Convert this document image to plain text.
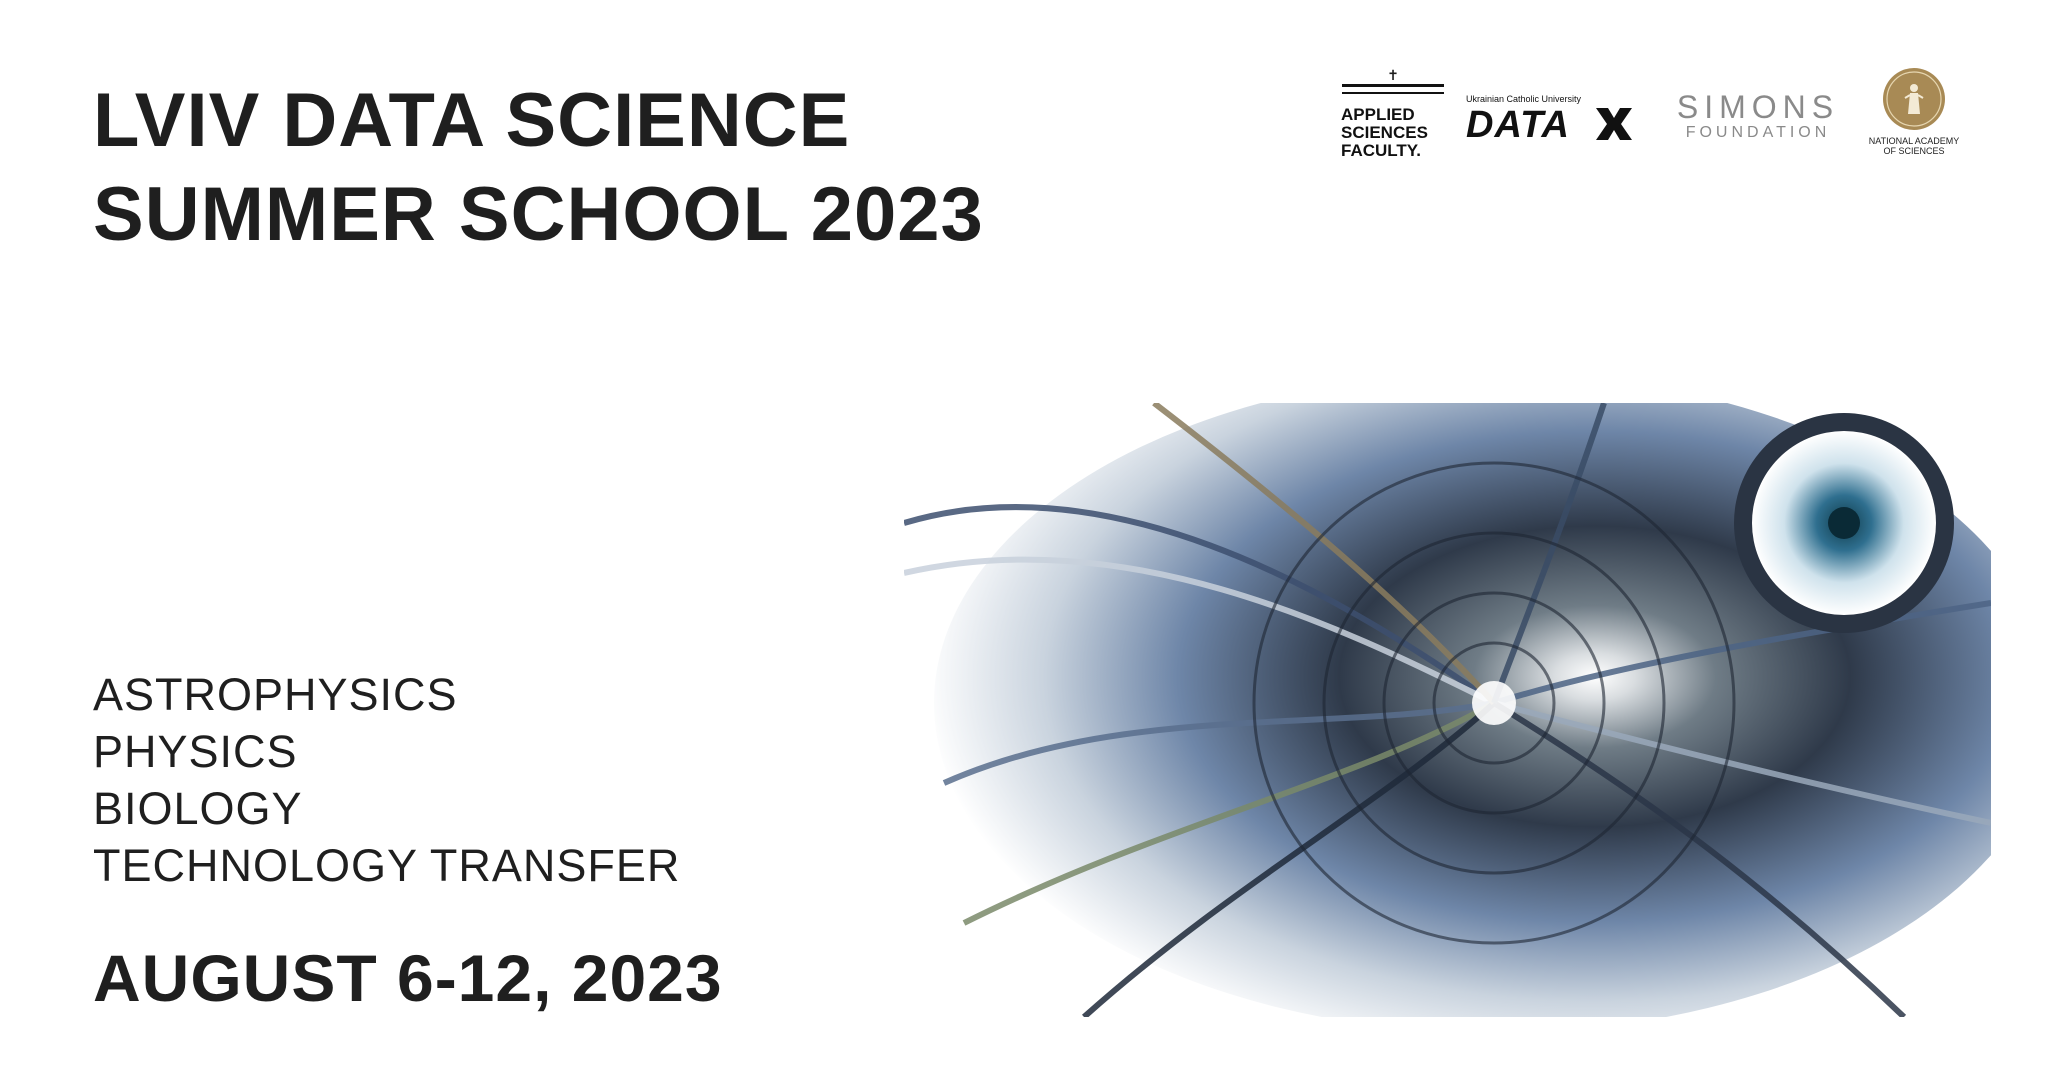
LVIV DATA SCIENCE
SUMMER SCHOOL 2023
✝
APPLIED
SCIENCES
FACULTY.
Ukrainian Catholic University
DATA	SIMONS
FOUNDATION	NATIONAL ACADEMY
OF SCIENCES
ASTROPHYSICS
PHYSICS
BIOLOGY
TECHNOLOGY TRANSFER
AUGUST 6-12, 2023
